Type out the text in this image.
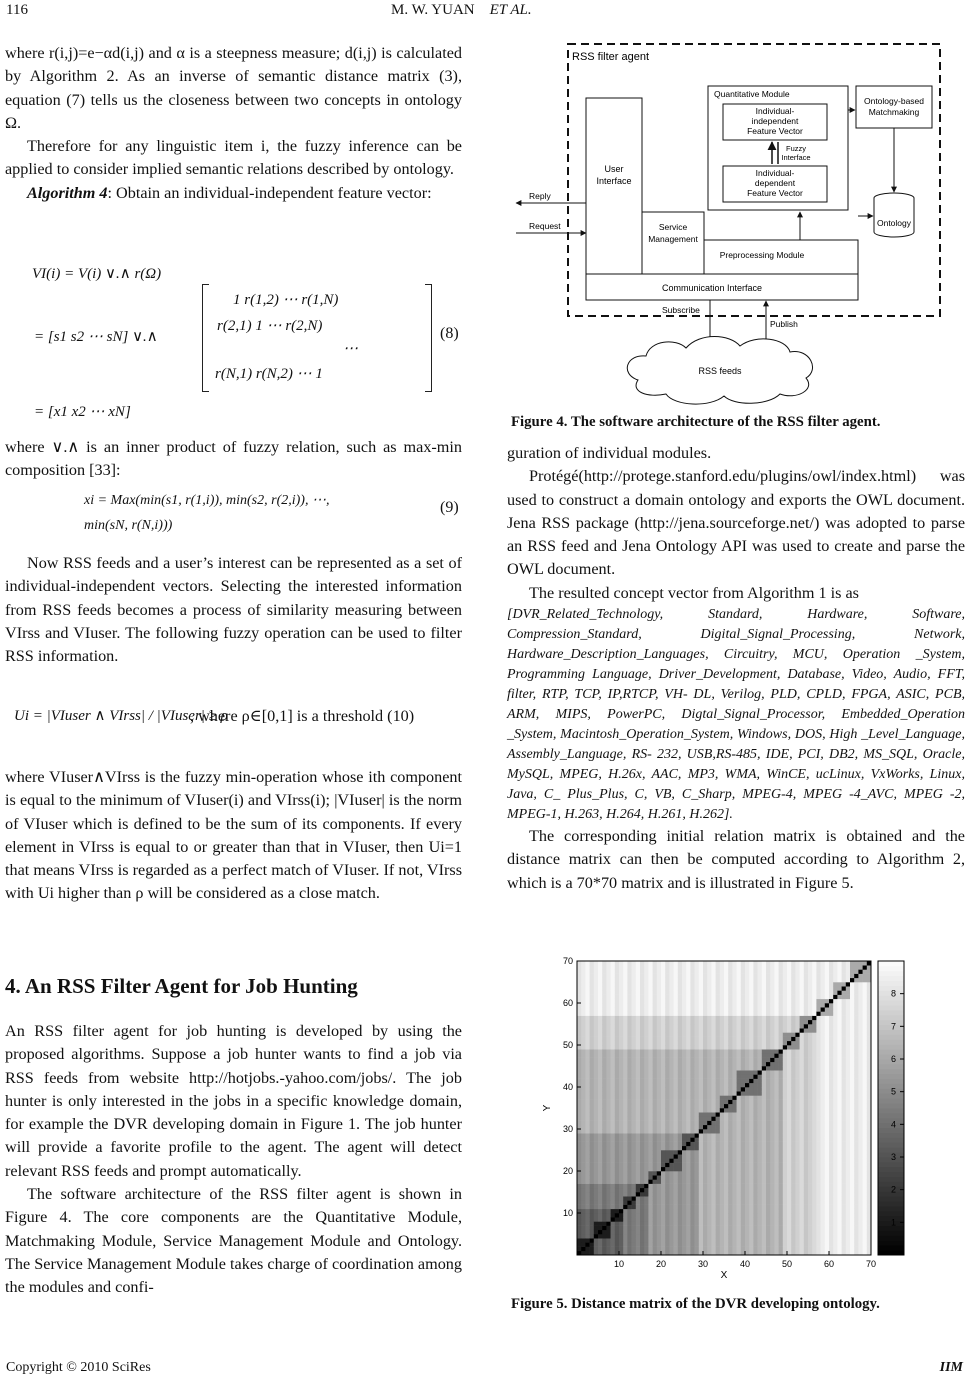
116	M. W. YUAN ET AL.

where r(i,j)=e−αd(i,j) and α is a steepness measure; d(i,j) is calculated by Algorithm 2. As an inverse of semantic distance matrix (3), equation (7) tells us the closeness between two concepts in ontology Ω.

Therefore for any linguistic item i, the fuzzy inference can be applied to consider implied semantic relations described by ontology.

Algorithm 4: Obtain an individual-independent feature vector:

VI(i) = V(i) ∨.∧ r(Ω)
= [s1 s2 ⋯ sN] ∨.∧
1 r(1,2) ⋯ r(1,N)
r(2,1) 1 ⋯ r(2,N)
⋯
r(N,1) r(N,2) ⋯ 1
(8)
= [x1 x2 ⋯ xN]

where ∨.∧ is an inner product of fuzzy relation, such as max-min composition [33]:

xi = Max(min(s1, r(1,i)), min(s2, r(2,i)), ⋯,
min(sN, r(N,i)))
(9)

Now RSS feeds and a user’s interest can be represented as a set of individual-independent vectors. Selecting the interested information from RSS feeds becomes a process of similarity measuring between VIrss and VIuser. The following fuzzy operation can be used to filter RSS information.

Ui = |VIuser ∧ VIrss| / |VIuser| ≥ ρ
, where ρ∈[0,1] is a threshold (10)

where VIuser∧VIrss is the fuzzy min-operation whose ith component is equal to the minimum of VIuser(i) and VIrss(i); |VIuser| is the norm of VIuser which is defined to be the sum of its components. If every element in VIrss is equal to or greater than that in VIuser, then Ui=1 that means VIrss is regarded as a perfect match of VIuser. If not, VIrss with Ui higher than ρ will be considered as a close match.

4. An RSS Filter Agent for Job Hunting

An RSS filter agent for job hunting is developed by using the proposed algorithms. Suppose a job hunter wants to find a job via RSS feeds from website http://hotjobs.-yahoo.com/jobs/. The job hunter is only interested in the jobs in a specific knowledge domain, for example the DVR developing domain in Figure 1. The job hunter will provide a favorite profile to the agent. The agent will detect relevant RSS feeds and prompt automatically.

The software architecture of the RSS filter agent is shown in Figure 4. The core components are the Quantitative Module, Matchmaking Module, Service Management Module and Ontology. The Service Management Module takes charge of coordination among the modules and confi-

RSS filter agent
User Interface
Quantitative Module
Individual-independent Feature Vector
Fuzzy Interface
Individual-dependent Feature Vector
Ontology-based Matchmaking
Ontology
Service Management
Preprocessing Module
Communication Interface
Reply
Request
Subscribe
Publish
RSS feeds
Figure 4. The software architecture of the RSS filter agent.

guration of individual modules.

Protégé(http://protege.stanford.edu/plugins/owl/index.html) was used to construct a domain ontology and exports the OWL document. Jena RSS package (http://jena.sourceforge.net/) was adopted to parse an RSS feed and Jena Ontology API was used to create and parse the OWL document.

The resulted concept vector from Algorithm 1 is as

[DVR_Related_Technology, Standard, Hardware, Software, Compression_Standard, Digital_Signal_Processing, Network, Hardware_Description_Languages, Circuitry, MCU, Operation _System, Programming Language, Driver_Development, Database, Video, Audio, FFT, filter, RTP, TCP, IP,RTCP, VH- DL, Verilog, PLD, CPLD, FPGA, ASIC, PCB, ARM, MIPS, PowerPC, Digtal_Signal_Processor, Embedded_Operation _System, Macintosh_Operation_System, Windows, DOS, High _Level_Language, Assembly_Language, RS- 232, USB,RS-485, IDE, PCI, DB2, MS_SQL, Oracle, MySQL, MPEG, H.26x, AAC, MP3, WMA, WinCE, ucLinux, VxWorks, Linux, Java, C_ Plus_Plus, C, VB, C_Sharp, MPEG-4, MPEG -4_AVC, MPEG -2, MPEG-1, H.263, H.264, H.261, H.262].

The corresponding initial relation matrix is obtained and the distance matrix can then be computed according to Algorithm 2, which is a 70*70 matrix and is illustrated in Figure 5.

10	20	30	40	50	60	70
10
20
30
40
50
60
70
1
2
3
4
5
6
7
8
X
Y
Figure 5. Distance matrix of the DVR developing ontology.
Copyright © 2010 SciRes	IIM
